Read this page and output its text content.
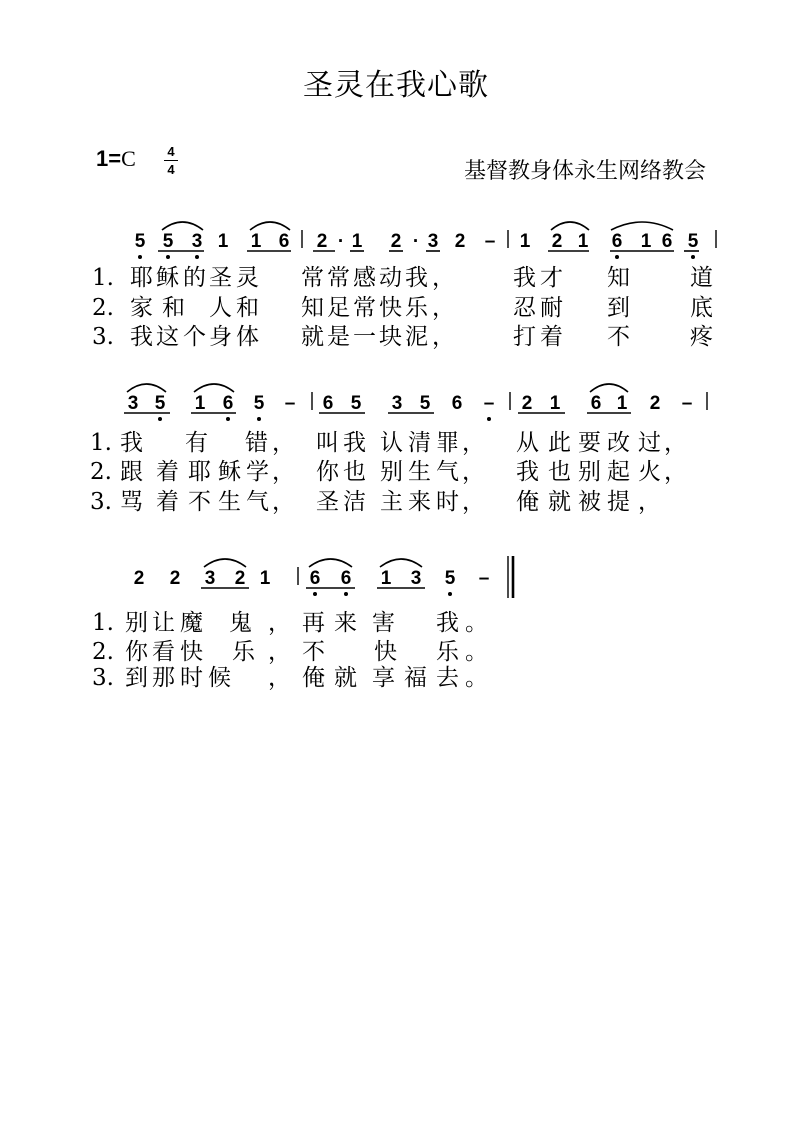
圣灵在我心歌
1=C 4
4	基督教身体永生网络教会
5 5 3 1 1 6 2 · 1 2 · 3 2 – 1 2 1 6 1 6 5
3 5 1 6 5 – 6 5 3 5 6 – 2 1 6 1 2 –
2 2 3 2 1 6 6 1 3 5 –
1. 耶 稣 的 圣 灵 常 常 感 动 我 ，	我 才 知	道
2. 家 和 人 和 知 足 常 快 乐 ，	忍 耐 到	底
3. 我 这 个 身 体 就 是 一 块 泥 ，	打 着 不	疼
1. 我 有 错 ， 叫 我 认 清 罪 ， 从 此 要 改 过 ，
2. 跟 着 耶 稣 学 ， 你 也 别 生 气 ， 我 也 别 起 火 ，
3. 骂 着 不 生 气 ， 圣 洁 主 来 时 ， 俺 就 被 提 ，
1. 别 让 魔 鬼 ， 再 来 害 我 。
2. 你 看 快 乐 ， 不 快 乐 。
3. 到 那 时 候 ， 俺 就 享 福 去 。
